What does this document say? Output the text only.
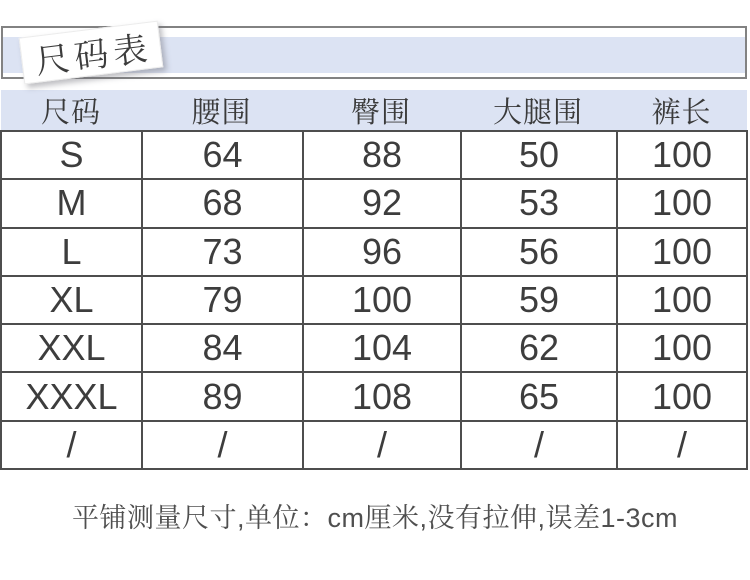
尺码表
尺码	腰围	臀围	大腿围	裤长
S	64	88	50	100
M	68	92	53	100
L	73	96	56	100
XL	79	100	59	100
XXL	84	104	62	100
XXXL	89	108	65	100
/	/	/	/	/
平铺测量尺寸,单位：cm厘米,没有拉伸,误差1-3cm
